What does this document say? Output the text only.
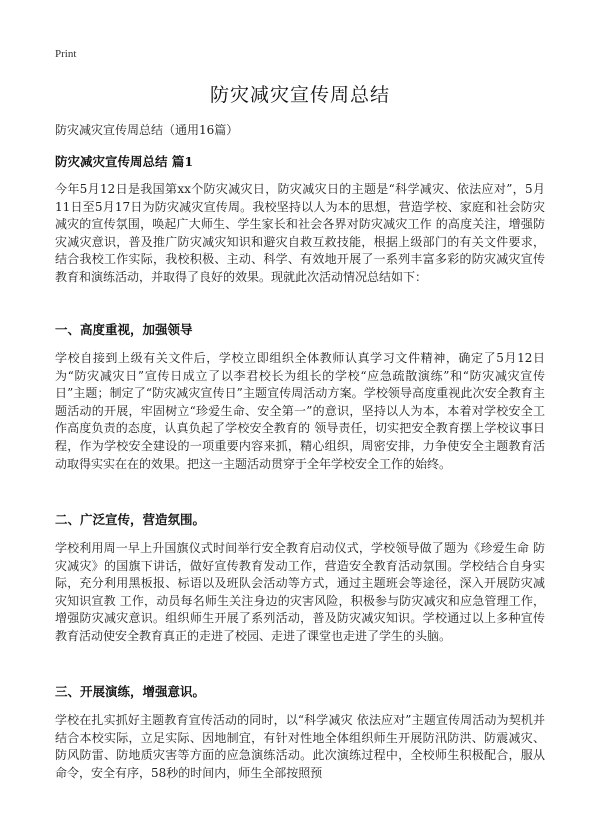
Print
防灾减灾宣传周总结
防灾减灾宣传周总结（通用16篇）
防灾减灾宣传周总结 篇1

今年5月12日是我国第xx个防灾减灾日，防灾减灾日的主题是“科学减灾、依法应对”，5月11日至5月17日为防灾减灾宣传周。我校坚持以人为本的思想，营造学校、家庭和社会防灾减灾的宣传氛围，唤起广大师生、学生家长和社会各界对防灾减灾工作 的高度关注，增强防灾减灾意识，普及推广防灾减灾知识和避灾自救互救技能，根据上级部门的有关文件要求，结合我校工作实际，我校积极、主动、科学、有效地开展了一系列丰富多彩的防灾减灾宣传教育和演练活动，并取得了良好的效果。现就此次活动情况总结如下：

一、高度重视，加强领导

学校自接到上级有关文件后，学校立即组织全体教师认真学习文件精神，确定了5月12日为“防灾减灾日”宣传日成立了以李君校长为组长的学校“应急疏散演练”和“防灾减灾宣传日”主题；制定了“防灾减灾宣传日”主题宣传周活动方案。学校领导高度重视此次安全教育主题活动的开展，牢固树立“珍爱生命、安全第一”的意识，坚持以人为本，本着对学校安全工作高度负责的态度，认真负起了学校安全教育的 领导责任，切实把安全教育摆上学校议事日程，作为学校安全建设的一项重要内容来抓，精心组织，周密安排，力争使安全主题教育活动取得实实在在的效果。把这一主题活动贯穿于全年学校安全工作的始终。

二、广泛宣传，营造氛围。

学校利用周一早上升国旗仪式时间举行安全教育启动仪式，学校领导做了题为《珍爱生命 防灾减灾》的国旗下讲话，做好宣传教育发动工作，营造安全教育活动氛围。学校结合自身实际，充分利用黑板报、标语以及班队会活动等方式，通过主题班会等途径，深入开展防灾减灾知识宣教 工作，动员每名师生关注身边的灾害风险，积极参与防灾减灾和应急管理工作，增强防灾减灾意识。组织师生开展了系列活动，普及防灾减灾知识。学校通过以上多种宣传教育活动使安全教育真正的走进了校园、走进了课堂也走进了学生的头脑。

三、开展演练，增强意识。

学校在扎实抓好主题教育宣传活动的同时，以“科学减灾 依法应对”主题宣传周活动为契机并结合本校实际，立足实际、因地制宜，有针对性地全体组织师生开展防汛防洪、防震减灾、防风防雷、防地质灾害等方面的应急演练活动。此次演练过程中，全校师生积极配合，服从命令，安全有序，58秒的时间内，师生全部按照预
